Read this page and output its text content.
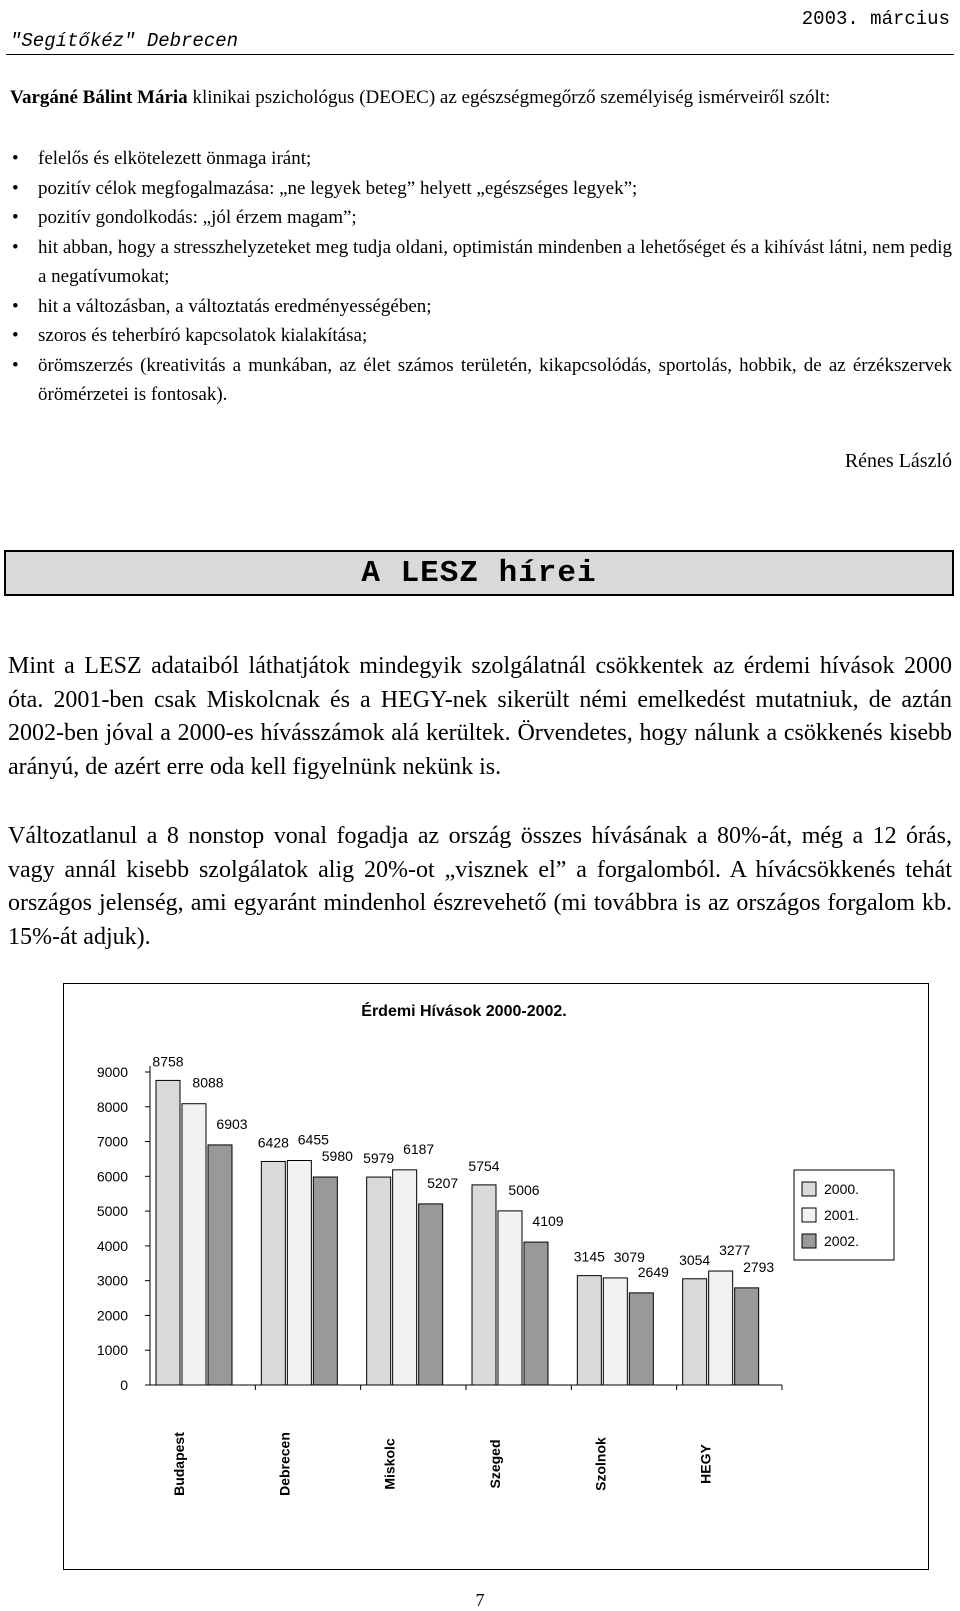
"Segítőkéz" Debrecen
2003. március
Vargáné Bálint Mária klinikai pszichológus (DEOEC) az egészségmegőrző személyiség ismérveiről szólt:
• felelős és elkötelezett önmaga iránt;
• pozitív célok megfogalmazása: „ne legyek beteg” helyett „egészséges legyek”;
• pozitív gondolkodás: „jól érzem magam”;
• hit abban, hogy a stresszhelyzeteket meg tudja oldani, optimistán mindenben a lehetőséget és a kihívást látni, nem pedig a negatívumokat;
• hit a változásban, a változtatás eredményességében;
• szoros és teherbíró kapcsolatok kialakítása;
• örömszerzés (kreativitás a munkában, az élet számos területén, kikapcsolódás, sportolás, hobbik, de az érzékszervek örömérzetei is fontosak).
Rénes László
A LESZ hírei
Mint a LESZ adataiból láthatjátok mindegyik szolgálatnál csökkentek az érdemi hívások 2000 óta. 2001-ben csak Miskolcnak és a HEGY-nek sikerült némi emelkedést mutatniuk, de aztán 2002-ben jóval a 2000-es hívásszámok alá kerültek. Örvendetes, hogy nálunk a csökkenés kisebb arányú, de azért erre oda kell figyelnünk nekünk is.
Változatlanul a 8 nonstop vonal fogadja az ország összes hívásának a 80%-át, még a 12 órás, vagy annál kisebb szolgálatok alig 20%-ot „visznek el” a forgalomból. A hívácsökkenés tehát országos jelenség, ami egyaránt mindenhol észrevehető (mi továbbra is az országos forgalom kb. 15%-át adjuk).
Érdemi Hívások 2000-2002.
0
1000
2000
3000
4000
5000
6000
7000
8000
9000
8758
8088
6903
Budapest
6428 6455
5980
Debrecen
5979
6187
5207
Miskolc
5754
5006
4109
Szeged
3145 3079
2649
Szolnok
3054
3277
2793
HEGY
2000.
2001.
2002.
7
